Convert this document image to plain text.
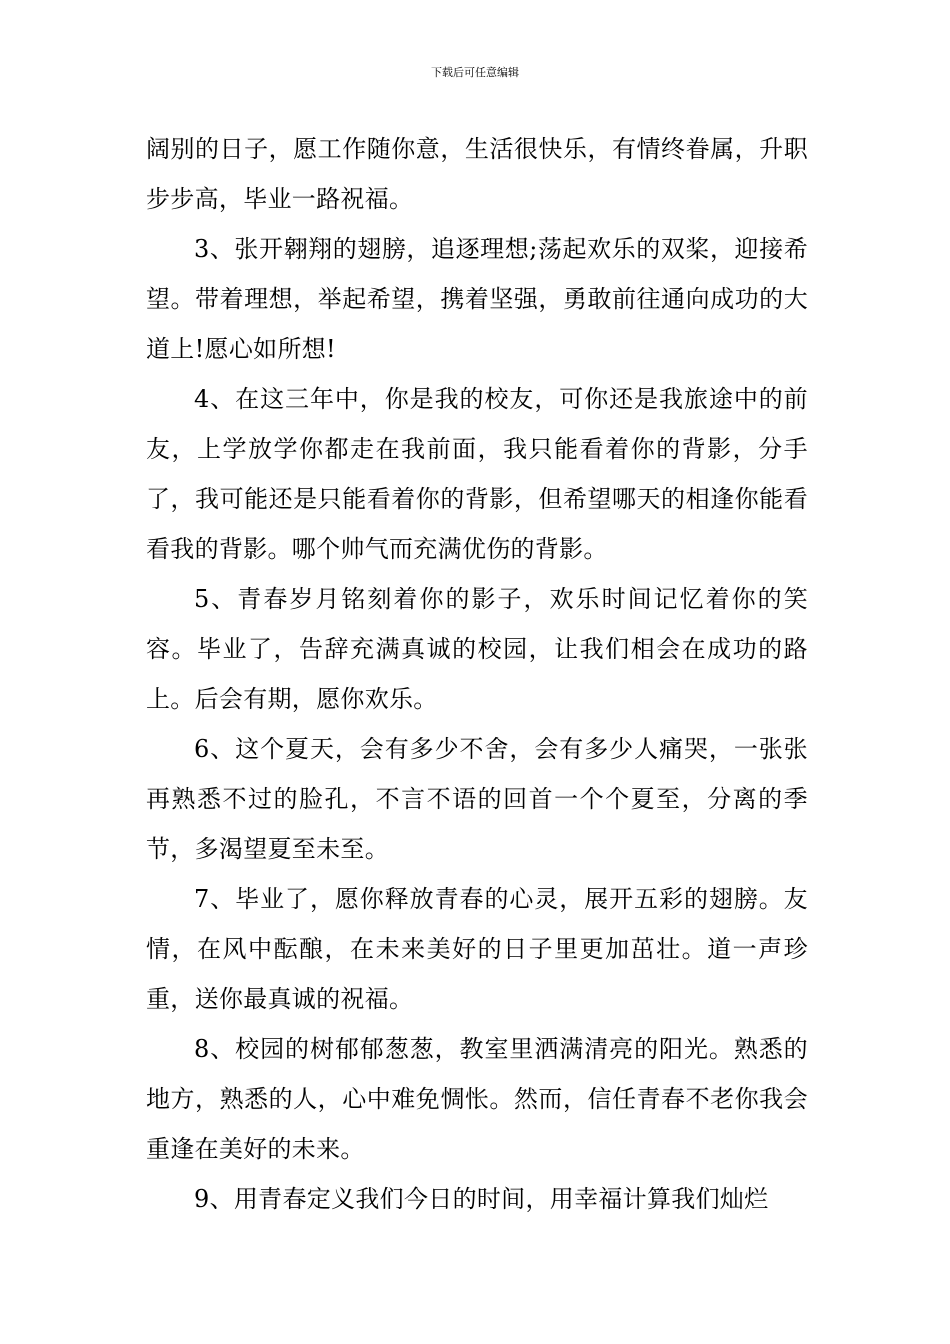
下载后可任意编辑

阔别的日子，愿工作随你意，生活很快乐，有情终眷属，升职步步高，毕业一路祝福。

3、张开翱翔的翅膀，追逐理想;荡起欢乐的双桨，迎接希望。带着理想，举起希望，携着坚强，勇敢前往通向成功的大道上!愿心如所想!

4、在这三年中，你是我的校友，可你还是我旅途中的前友，上学放学你都走在我前面，我只能看着你的背影，分手了，我可能还是只能看着你的背影，但希望哪天的相逢你能看看我的背影。哪个帅气而充满优伤的背影。

5、青春岁月铭刻着你的影子，欢乐时间记忆着你的笑容。毕业了，告辞充满真诚的校园，让我们相会在成功的路上。后会有期，愿你欢乐。

6、这个夏天，会有多少不舍，会有多少人痛哭，一张张再熟悉不过的脸孔，不言不语的回首一个个夏至，分离的季节，多渴望夏至未至。

7、毕业了，愿你释放青春的心灵，展开五彩的翅膀。友情，在风中酝酿，在未来美好的日子里更加茁壮。道一声珍重，送你最真诚的祝福。

8、校园的树郁郁葱葱，教室里洒满清亮的阳光。熟悉的地方，熟悉的人，心中难免惆怅。然而，信任青春不老你我会重逢在美好的未来。

9、用青春定义我们今日的时间，用幸福计算我们灿烂
